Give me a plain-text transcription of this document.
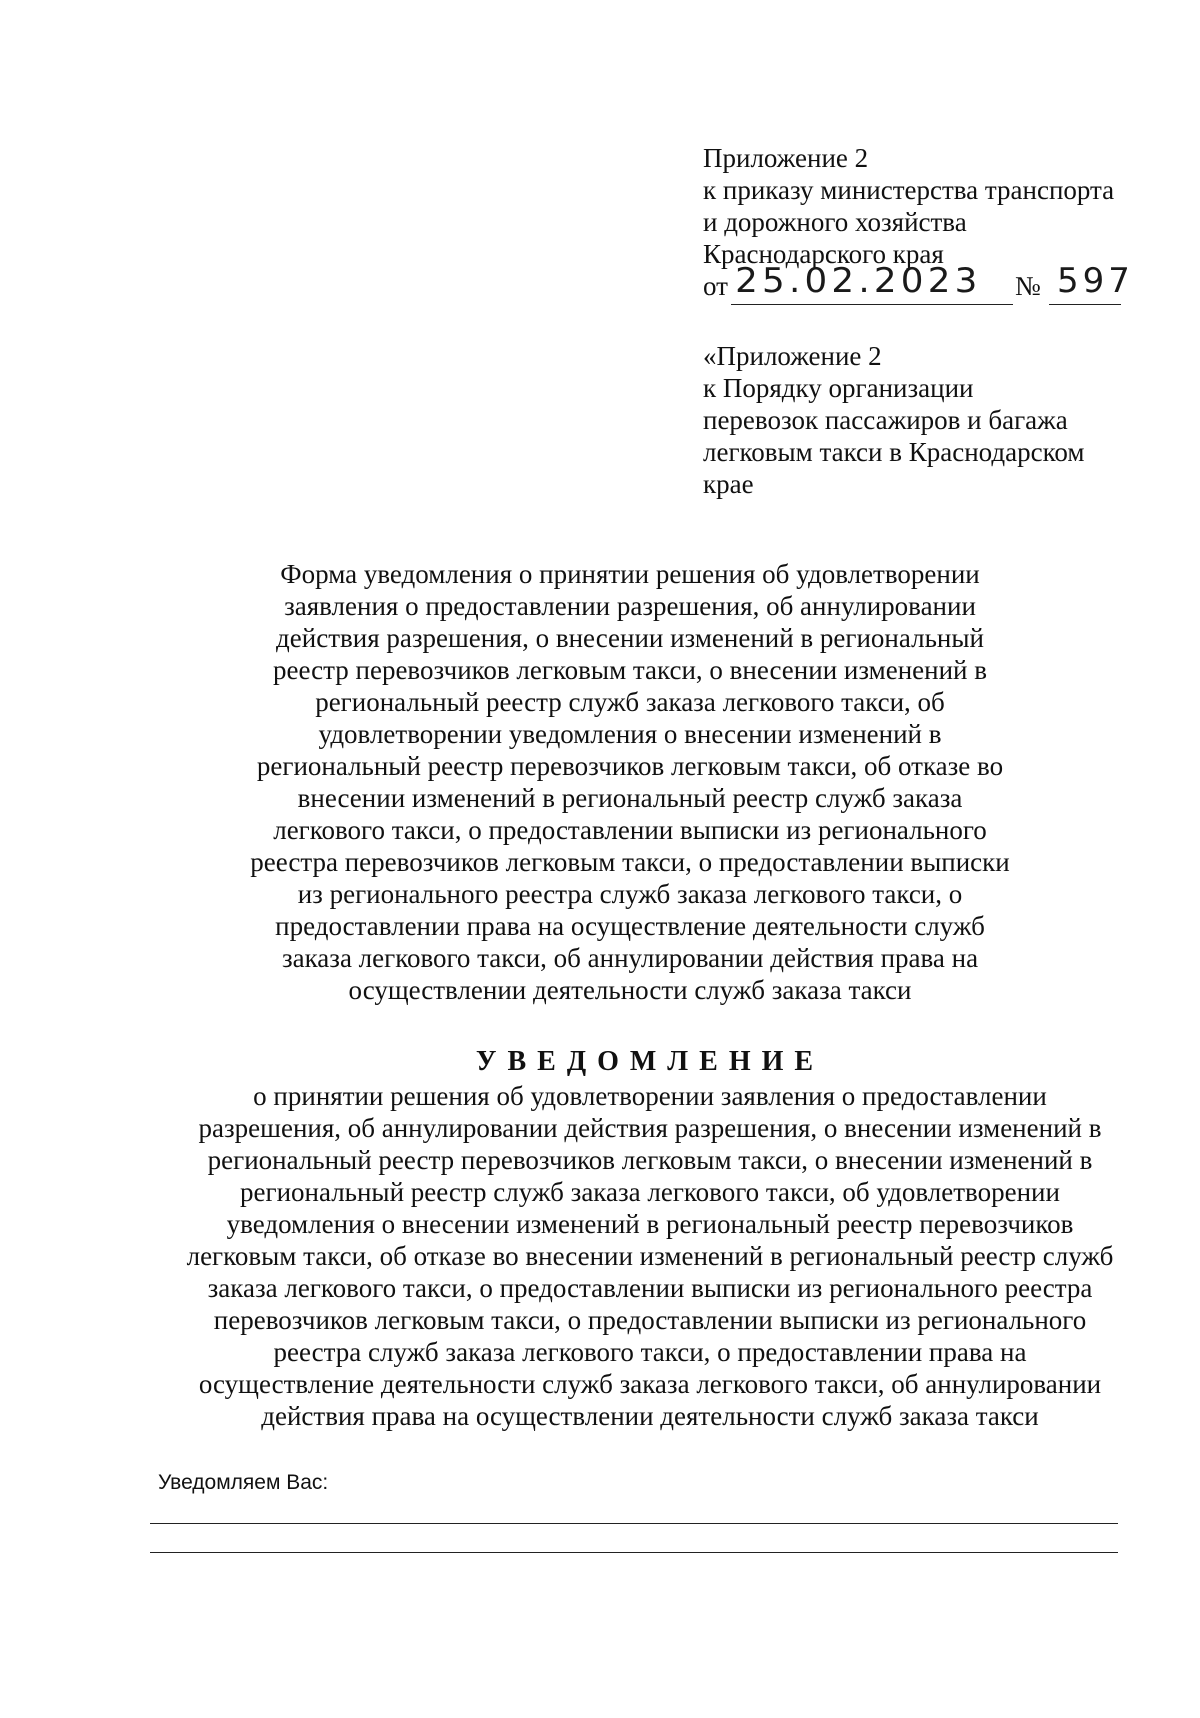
Приложение 2
к приказу министерства транспорта
и дорожного хозяйства
Краснодарского края
от 25.02.2023 № 597
«Приложение 2
к Порядку организации
перевозок пассажиров и багажа
легковым такси в Краснодарском
крае
Форма уведомления о принятии решения об удовлетворении
заявления о предоставлении разрешения, об аннулировании
действия разрешения, о внесении изменений в региональный
реестр перевозчиков легковым такси, о внесении изменений в
региональный реестр служб заказа легкового такси, об
удовлетворении уведомления о внесении изменений в
региональный реестр перевозчиков легковым такси, об отказе во
внесении изменений в региональный реестр служб заказа
легкового такси, о предоставлении выписки из регионального
реестра перевозчиков легковым такси, о предоставлении выписки
из регионального реестра служб заказа легкового такси, о
предоставлении права на осуществление деятельности служб
заказа легкового такси, об аннулировании действия права на
осуществлении деятельности служб заказа такси
УВЕДОМЛЕНИЕ
о принятии решения об удовлетворении заявления о предоставлении
разрешения, об аннулировании действия разрешения, о внесении изменений в
региональный реестр перевозчиков легковым такси, о внесении изменений в
региональный реестр служб заказа легкового такси, об удовлетворении
уведомления о внесении изменений в региональный реестр перевозчиков
легковым такси, об отказе во внесении изменений в региональный реестр служб
заказа легкового такси, о предоставлении выписки из регионального реестра
перевозчиков легковым такси, о предоставлении выписки из регионального
реестра служб заказа легкового такси, о предоставлении права на
осуществление деятельности служб заказа легкового такси, об аннулировании
действия права на осуществлении деятельности служб заказа такси
Уведомляем Вас:
